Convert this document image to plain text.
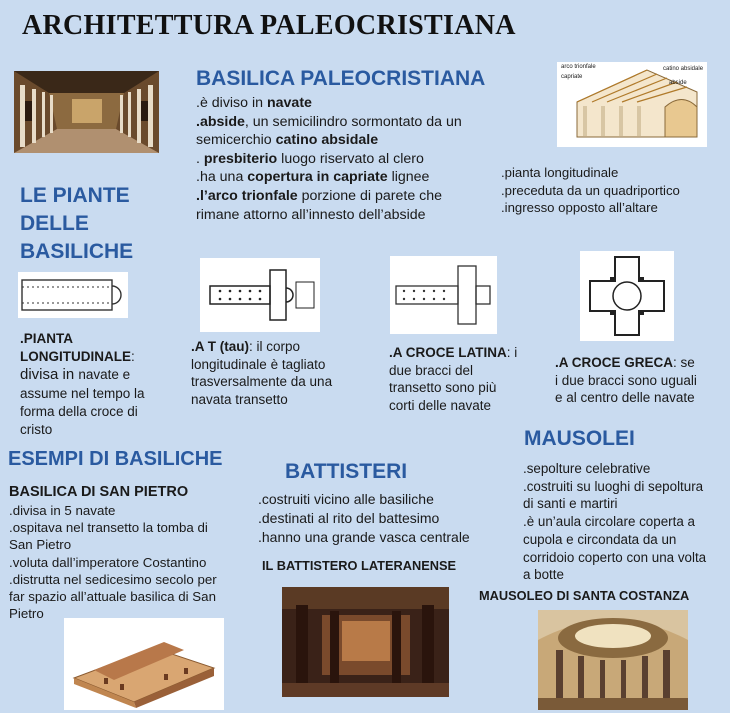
ARCHITETTURA PALEOCRISTIANA
arco trionfale
capriate
catino absidale
abside
BASILICA PALEOCRISTIANA
.è diviso in navate
.abside, un semicilindro sormontato da un
semicerchio catino absidale
. presbiterio luogo riservato al clero
.ha una copertura in capriate lignee
.l’arco trionfale porzione di parete che
rimane attorno all’innesto dell’abside
.pianta longitudinale
.preceduta da un quadriportico
.ingresso opposto all’altare
LE PIANTE
DELLE
BASILICHE
.PIANTA
LONGITUDINALE:
divisa in navate e
assume nel tempo la
forma della croce di
cristo
.A T (tau): il corpo
longitudinale è tagliato
trasversalmente da una
navata transetto
.A CROCE LATINA: i
due bracci del
transetto sono più
corti delle navate
.A CROCE GRECA: se
i due bracci sono uguali
e al centro delle navate
ESEMPI DI BASILICHE
BASILICA DI SAN PIETRO
.divisa in 5 navate
.ospitava nel transetto la tomba di
San Pietro
.voluta dall’imperatore Costantino
.distrutta nel sedicesimo secolo per
far spazio all’attuale basilica di San
Pietro
BATTISTERI
.costruiti vicino alle basiliche
.destinati al rito del battesimo
.hanno una grande vasca centrale
IL BATTISTERO LATERANENSE
MAUSOLEI
.sepolture celebrative
.costruiti su luoghi di sepoltura
di santi e martiri
.è un’aula circolare coperta a
cupola e circondata da un
corridoio coperto con una volta
a botte
MAUSOLEO DI SANTA COSTANZA
